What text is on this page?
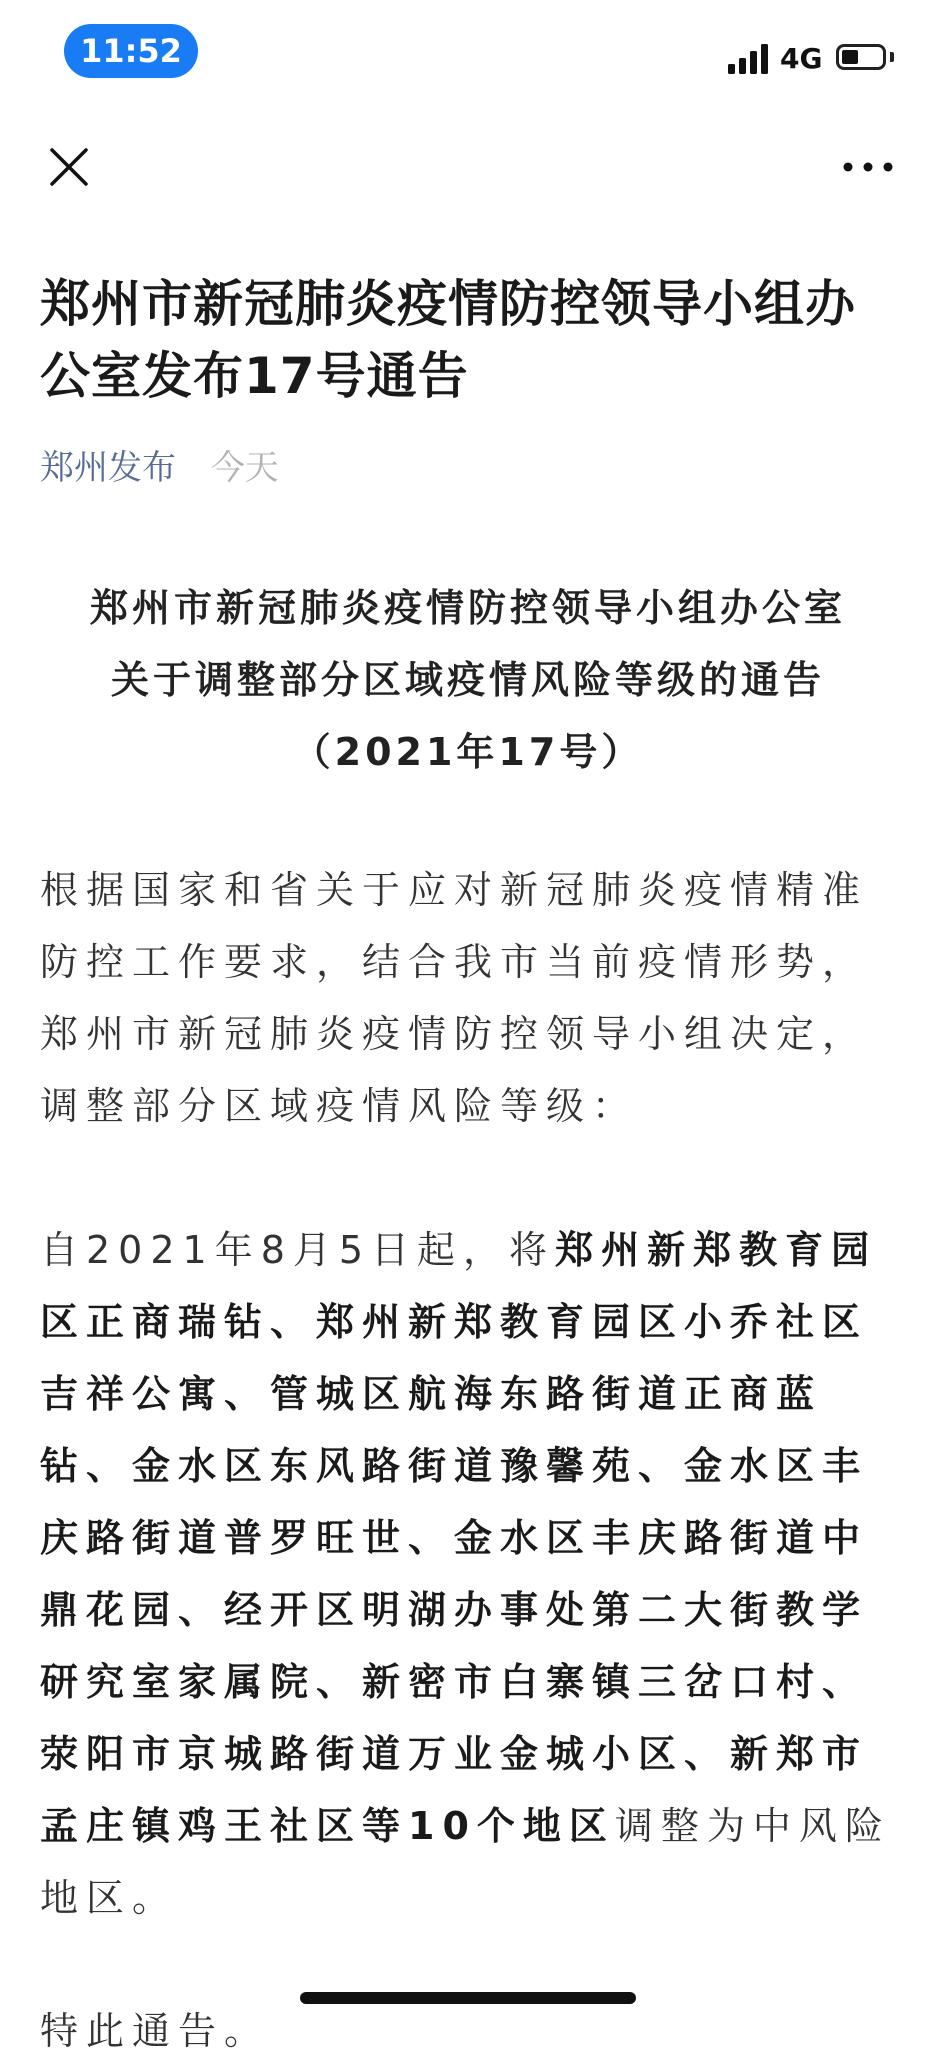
11:52	4G
郑州市新冠肺炎疫情防控领导小组办公室发布17号通告
郑州发布 今天
郑州市新冠肺炎疫情防控领导小组办公室
关于调整部分区域疫情风险等级的通告
（2021年17号）

根据国家和省关于应对新冠肺炎疫情精准防控工作要求，结合我市当前疫情形势，郑州市新冠肺炎疫情防控领导小组决定，调整部分区域疫情风险等级：

自2021年8月5日起，将郑州新郑教育园区正商瑞钻、郑州新郑教育园区小乔社区吉祥公寓、管城区航海东路街道正商蓝钻、金水区东风路街道豫馨苑、金水区丰庆路街道普罗旺世、金水区丰庆路街道中鼎花园、经开区明湖办事处第二大街教学研究室家属院、新密市白寨镇三岔口村、荥阳市京城路街道万业金城小区、新郑市孟庄镇鸡王社区等10个地区调整为中风险地区。

特此通告。
